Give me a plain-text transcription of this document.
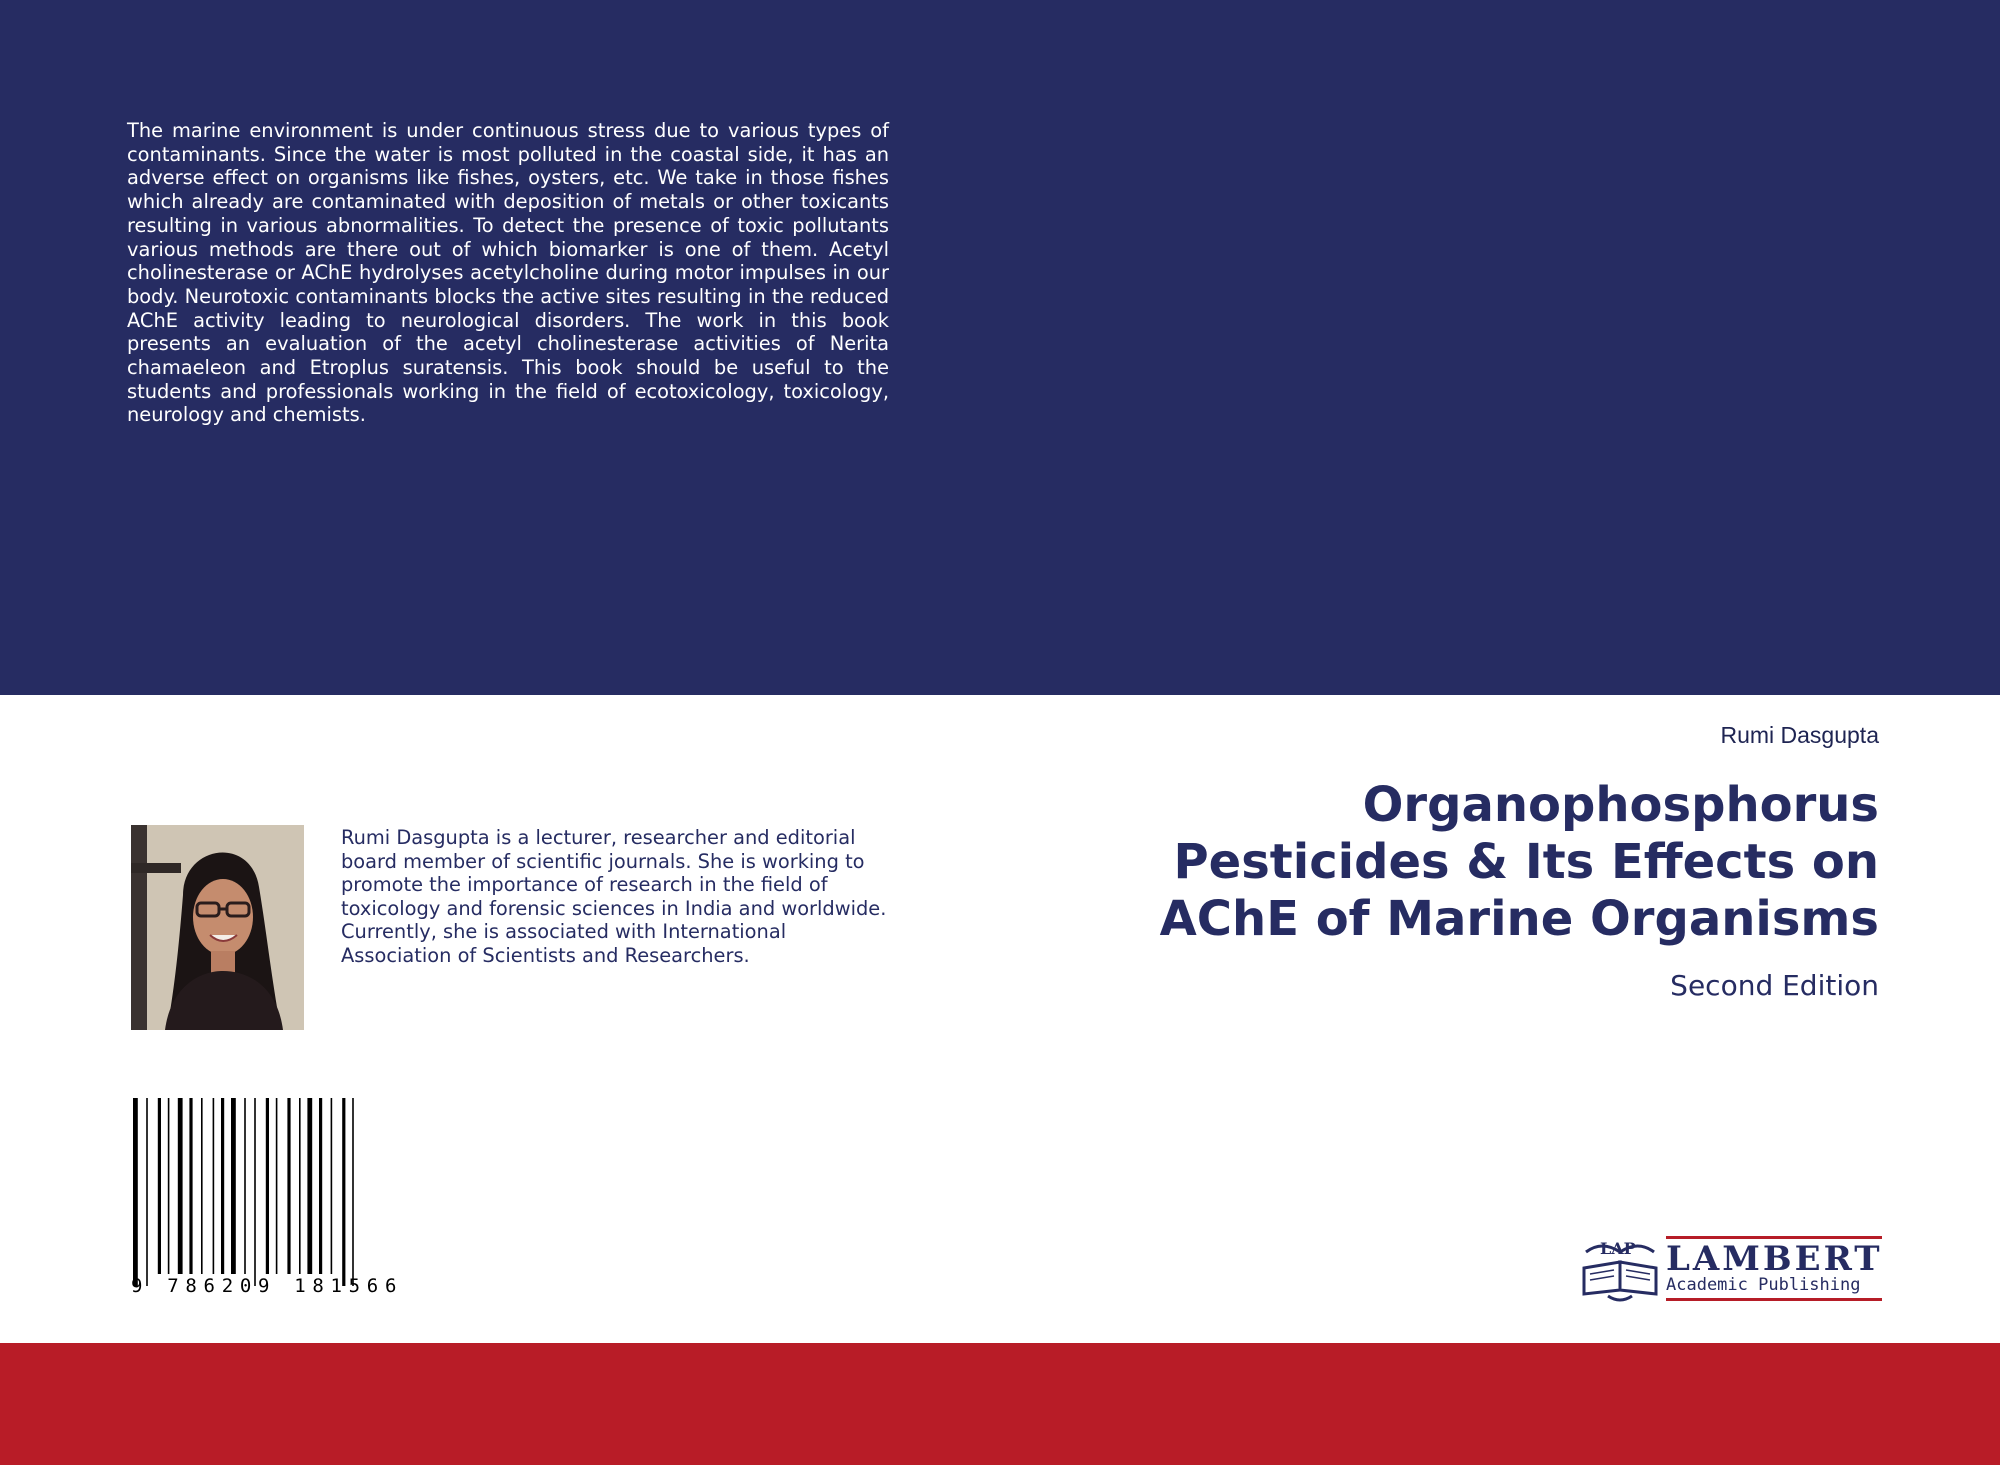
The marine environment is under continuous stress due to various types of contaminants. Since the water is most polluted in the coastal side, it has an adverse effect on organisms like fishes, oysters, etc. We take in those fishes which already are contaminated with deposition of metals or other toxicants resulting in various abnormalities. To detect the presence of toxic pollutants various methods are there out of which biomarker is one of them. Acetyl cholinesterase or AChE hydrolyses acetylcholine during motor impulses in our body. Neurotoxic contaminants blocks the active sites resulting in the reduced AChE activity leading to neurological disorders. The work in this book presents an evaluation of the acetyl cholinesterase activities of Nerita chamaeleon and Etroplus suratensis. This book should be useful to the students and professionals working in the field of ecotoxicology, toxicology, neurology and chemists.

Rumi Dasgupta
Organophosphorus
Pesticides & Its Effects on
AChE of Marine Organisms
Second Edition

Rumi Dasgupta is a lecturer, researcher and editorial board member of scientific journals. She is working to promote the importance of research in the field of toxicology and forensic sciences in India and worldwide. Currently, she is associated with International Association of Scientists and Researchers.

9 786209 181566
LAP LAMBERT
Academic Publishing
